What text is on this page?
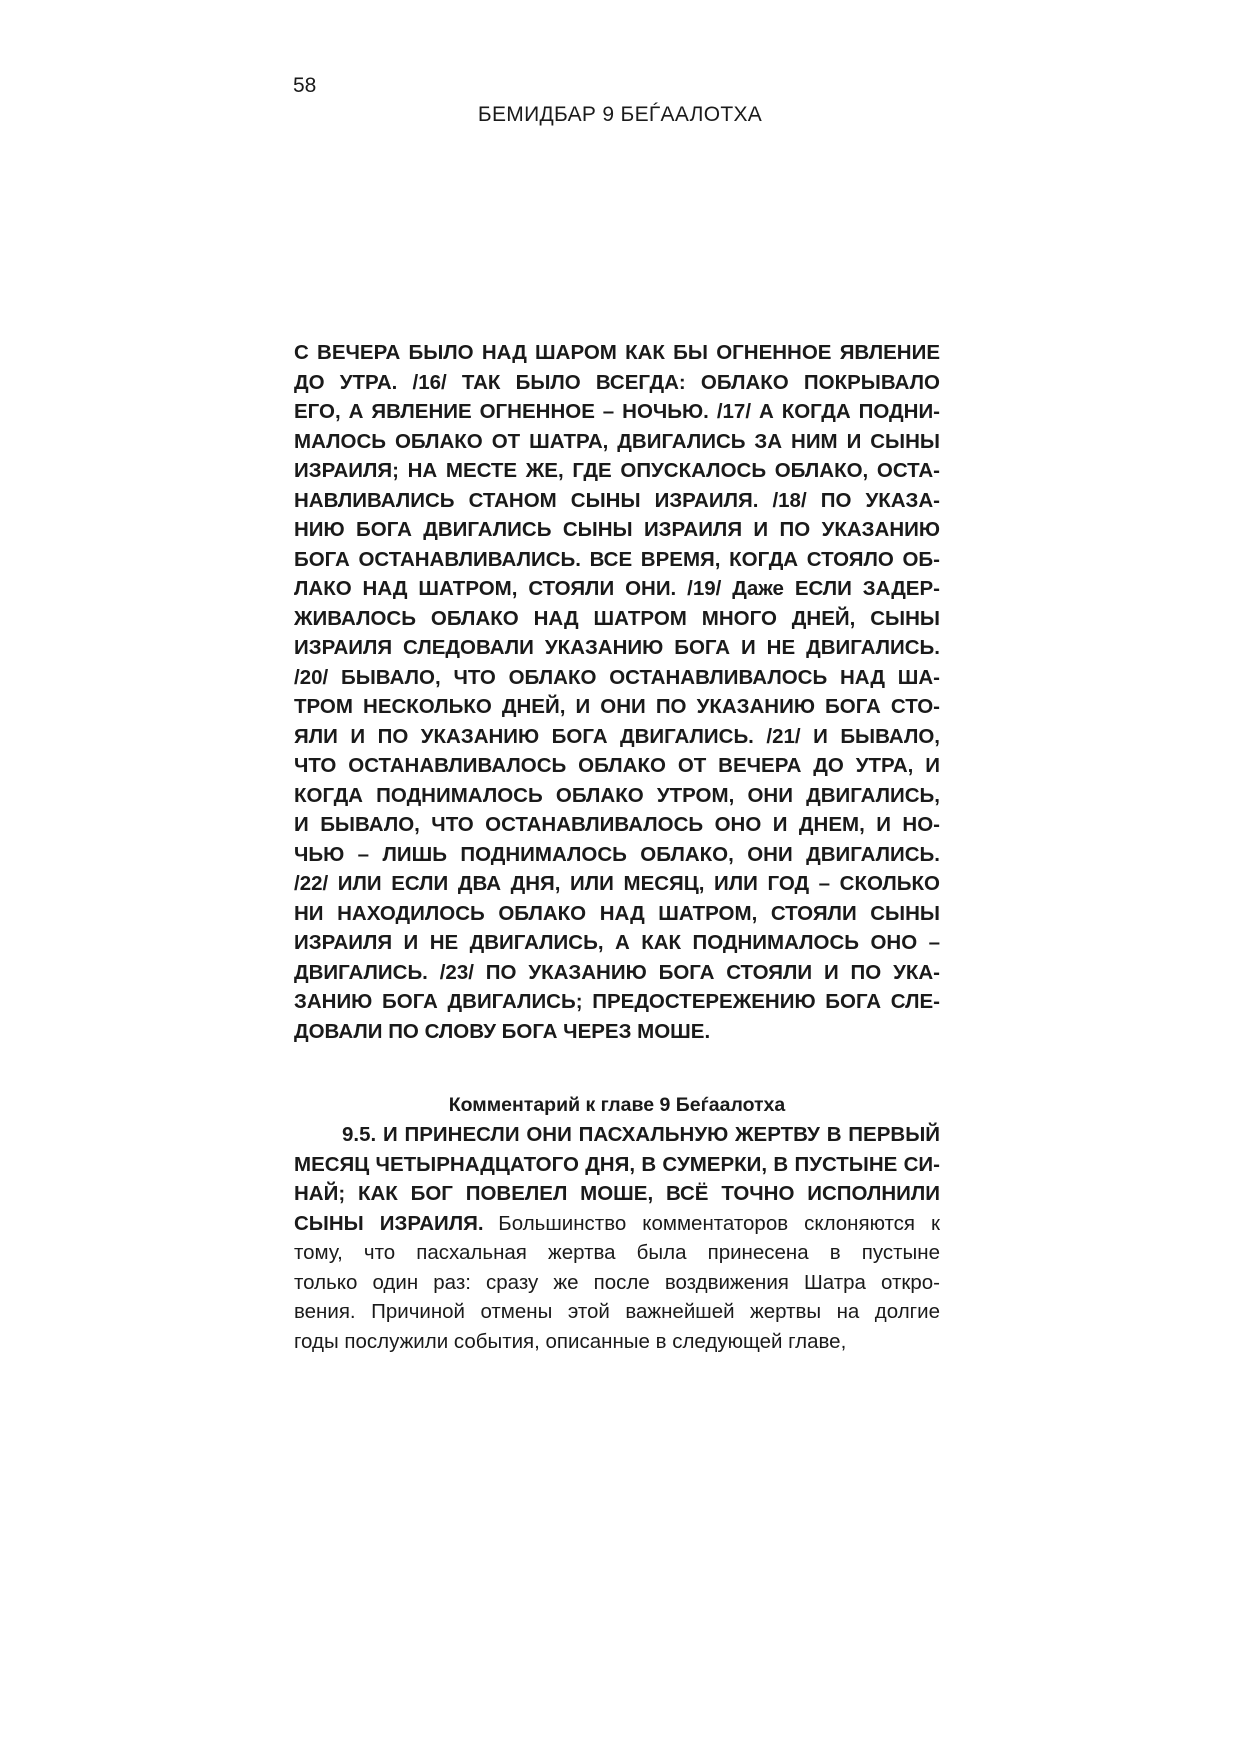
58
БЕМИДБАР 9 БЕЃААЛОТХА
С ВЕЧЕРА БЫЛО НАД ШАРОМ КАК БЫ ОГНЕННОЕ ЯВЛЕНИЕ
ДО УТРА. /16/ ТАК БЫЛО ВСЕГДА: ОБЛАКО ПОКРЫВАЛО
ЕГО, А ЯВЛЕНИЕ ОГНЕННОЕ – НОЧЬЮ. /17/ А КОГДА ПОДНИ-
МАЛОСЬ ОБЛАКО ОТ ШАТРА, ДВИГАЛИСЬ ЗА НИМ И СЫНЫ
ИЗРАИЛЯ; НА МЕСТЕ ЖЕ, ГДЕ ОПУСКАЛОСЬ ОБЛАКО, ОСТА-
НАВЛИВАЛИСЬ СТАНОМ СЫНЫ ИЗРАИЛЯ. /18/ ПО УКАЗА-
НИЮ БОГА ДВИГАЛИСЬ СЫНЫ ИЗРАИЛЯ И ПО УКАЗАНИЮ
БОГА ОСТАНАВЛИВАЛИСЬ. ВСЕ ВРЕМЯ, КОГДА СТОЯЛО ОБ-
ЛАКО НАД ШАТРОМ, СТОЯЛИ ОНИ. /19/ Даже ЕСЛИ ЗАДЕР-
ЖИВАЛОСЬ ОБЛАКО НАД ШАТРОМ МНОГО ДНЕЙ, СЫНЫ
ИЗРАИЛЯ СЛЕДОВАЛИ УКАЗАНИЮ БОГА И НЕ ДВИГАЛИСЬ.
/20/ БЫВАЛО, ЧТО ОБЛАКО ОСТАНАВЛИВАЛОСЬ НАД ША-
ТРОМ НЕСКОЛЬКО ДНЕЙ, И ОНИ ПО УКАЗАНИЮ БОГА СТО-
ЯЛИ И ПО УКАЗАНИЮ БОГА ДВИГАЛИСЬ. /21/ И БЫВАЛО,
ЧТО ОСТАНАВЛИВАЛОСЬ ОБЛАКО ОТ ВЕЧЕРА ДО УТРА, И
КОГДА ПОДНИМАЛОСЬ ОБЛАКО УТРОМ, ОНИ ДВИГАЛИСЬ,
И БЫВАЛО, ЧТО ОСТАНАВЛИВАЛОСЬ ОНО И ДНЕМ, И НО-
ЧЬЮ – ЛИШЬ ПОДНИМАЛОСЬ ОБЛАКО, ОНИ ДВИГАЛИСЬ.
/22/ ИЛИ ЕСЛИ ДВА ДНЯ, ИЛИ МЕСЯЦ, ИЛИ ГОД – СКОЛЬКО
НИ НАХОДИЛОСЬ ОБЛАКО НАД ШАТРОМ, СТОЯЛИ СЫНЫ
ИЗРАИЛЯ И НЕ ДВИГАЛИСЬ, А КАК ПОДНИМАЛОСЬ ОНО –
ДВИГАЛИСЬ. /23/ ПО УКАЗАНИЮ БОГА СТОЯЛИ И ПО УКА-
ЗАНИЮ БОГА ДВИГАЛИСЬ; ПРЕДОСТЕРЕЖЕНИЮ БОГА СЛЕ-
ДОВАЛИ ПО СЛОВУ БОГА ЧЕРЕЗ МОШЕ.
Комментарий к главе 9 Беѓаалотха
9.5. И ПРИНЕСЛИ ОНИ ПАСХАЛЬНУЮ ЖЕРТВУ В ПЕРВЫЙ
МЕСЯЦ ЧЕТЫРНАДЦАТОГО ДНЯ, В СУМЕРКИ, В ПУСТЫНЕ СИ-
НАЙ; КАК БОГ ПОВЕЛЕЛ МОШЕ, ВСЁ ТОЧНО ИСПОЛНИЛИ
СЫНЫ ИЗРАИЛЯ. Большинство комментаторов склоняются к
тому, что пасхальная жертва была принесена в пустыне
только один раз: сразу же после воздвижения Шатра откро-
вения. Причиной отмены этой важнейшей жертвы на долгие
годы послужили события, описанные в следующей главе,
